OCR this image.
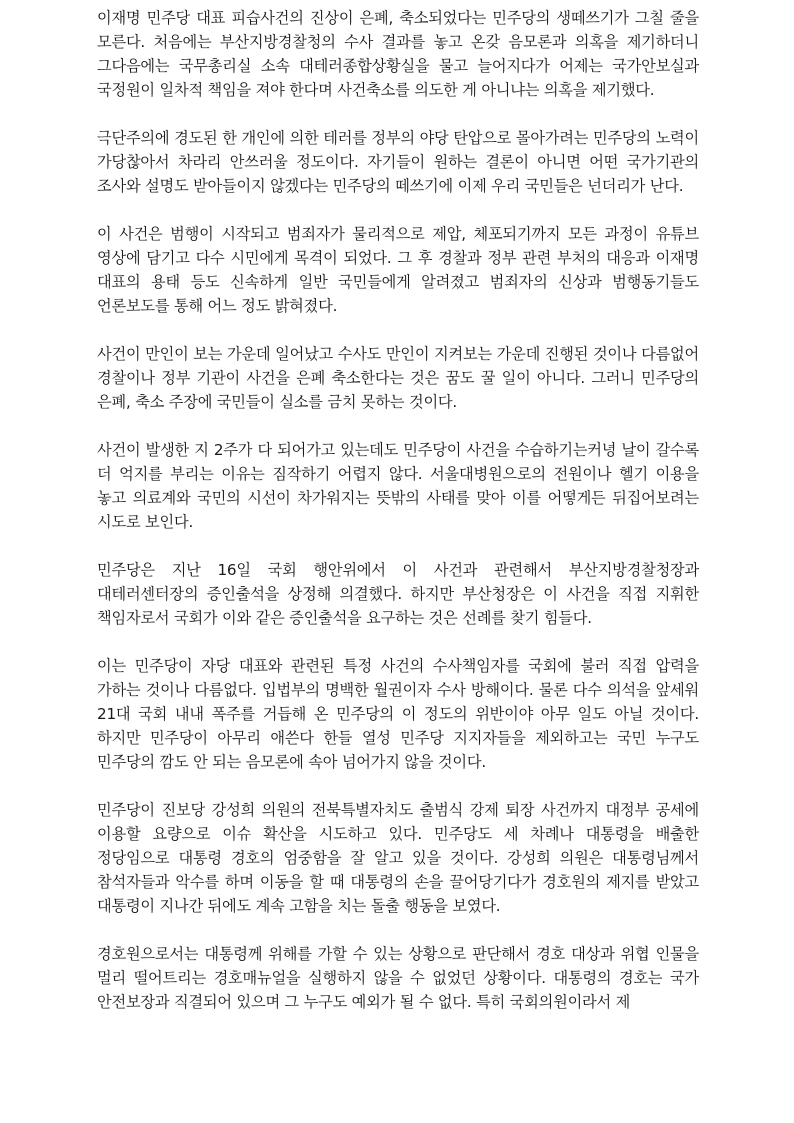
이재명 민주당 대표 피습사건의 진상이 은폐, 축소되었다는 민주당의 생떼쓰기가 그칠 줄을 모른다. 처음에는 부산지방경찰청의 수사 결과를 놓고 온갖 음모론과 의혹을 제기하더니 그다음에는 국무총리실 소속 대테러종합상황실을 물고 늘어지다가 어제는 국가안보실과 국정원이 일차적 책임을 져야 한다며 사건축소를 의도한 게 아니냐는 의혹을 제기했다.

극단주의에 경도된 한 개인에 의한 테러를 정부의 야당 탄압으로 몰아가려는 민주당의 노력이 가당찮아서 차라리 안쓰러울 정도이다. 자기들이 원하는 결론이 아니면 어떤 국가기관의 조사와 설명도 받아들이지 않겠다는 민주당의 떼쓰기에 이제 우리 국민들은 넌더리가 난다.

이 사건은 범행이 시작되고 범죄자가 물리적으로 제압, 체포되기까지 모든 과정이 유튜브 영상에 담기고 다수 시민에게 목격이 되었다. 그 후 경찰과 정부 관련 부처의 대응과 이재명 대표의 용태 등도 신속하게 일반 국민들에게 알려졌고 범죄자의 신상과 범행동기들도 언론보도를 통해 어느 정도 밝혀졌다.

사건이 만인이 보는 가운데 일어났고 수사도 만인이 지켜보는 가운데 진행된 것이나 다름없어 경찰이나 정부 기관이 사건을 은폐 축소한다는 것은 꿈도 꿀 일이 아니다. 그러니 민주당의 은폐, 축소 주장에 국민들이 실소를 금치 못하는 것이다.

사건이 발생한 지 2주가 다 되어가고 있는데도 민주당이 사건을 수습하기는커녕 날이 갈수록 더 억지를 부리는 이유는 짐작하기 어렵지 않다. 서울대병원으로의 전원이나 헬기 이용을 놓고 의료계와 국민의 시선이 차가워지는 뜻밖의 사태를 맞아 이를 어떻게든 뒤집어보려는 시도로 보인다.

민주당은 지난 16일 국회 행안위에서 이 사건과 관련해서 부산지방경찰청장과 대테러센터장의 증인출석을 상정해 의결했다. 하지만 부산청장은 이 사건을 직접 지휘한 책임자로서 국회가 이와 같은 증인출석을 요구하는 것은 선례를 찾기 힘들다.

이는 민주당이 자당 대표와 관련된 특정 사건의 수사책임자를 국회에 불러 직접 압력을 가하는 것이나 다름없다. 입법부의 명백한 월권이자 수사 방해이다. 물론 다수 의석을 앞세워 21대 국회 내내 폭주를 거듭해 온 민주당의 이 정도의 위반이야 아무 일도 아닐 것이다. 하지만 민주당이 아무리 애쓴다 한들 열성 민주당 지지자들을 제외하고는 국민 누구도 민주당의 깜도 안 되는 음모론에 속아 넘어가지 않을 것이다.

민주당이 진보당 강성희 의원의 전북특별자치도 출범식 강제 퇴장 사건까지 대정부 공세에 이용할 요량으로 이슈 확산을 시도하고 있다. 민주당도 세 차례나 대통령을 배출한 정당임으로 대통령 경호의 엄중함을 잘 알고 있을 것이다. 강성희 의원은 대통령님께서 참석자들과 악수를 하며 이동을 할 때 대통령의 손을 끌어당기다가 경호원의 제지를 받았고 대통령이 지나간 뒤에도 계속 고함을 치는 돌출 행동을 보였다.

경호원으로서는 대통령께 위해를 가할 수 있는 상황으로 판단해서 경호 대상과 위협 인물을 멀리 떨어트리는 경호매뉴얼을 실행하지 않을 수 없었던 상황이다. 대통령의 경호는 국가 안전보장과 직결되어 있으며 그 누구도 예외가 될 수 없다. 특히 국회의원이라서 제
